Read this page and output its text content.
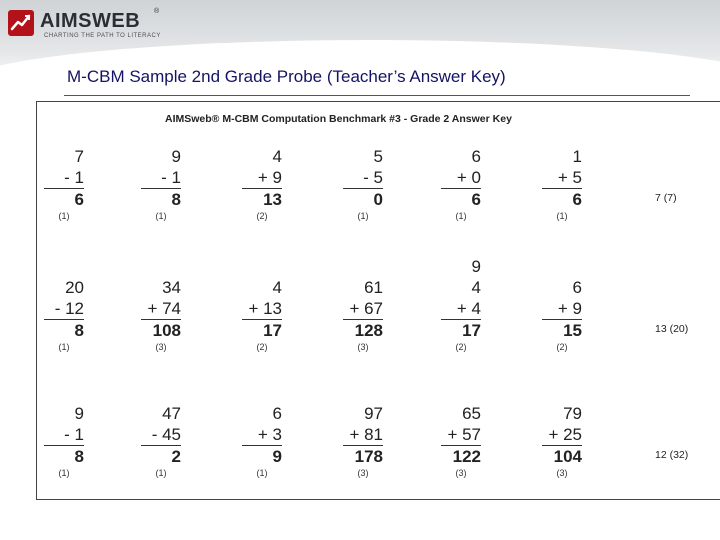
AIMSWEB ®
CHARTING THE PATH TO LITERACY
M-CBM Sample 2nd Grade Probe (Teacher’s Answer Key)
AIMSweb® M-CBM Computation Benchmark #3 - Grade 2 Answer Key
7
- 1
6
(1)
9
- 1
8
(1)
4
+ 9
13
(2)
5
- 5
0
(1)
6
+ 0
6
(1)
1
+ 5
6
(1)
7 (7)
20
- 12
8
(1)
34
+ 74
108
(3)
4
+ 13
17
(2)
61
+ 67
128
(3)
9
4
+ 4
17
(2)
6
+ 9
15
(2)
13 (20)
9
- 1
8
(1)
47
- 45
2
(1)
6
+ 3
9
(1)
97
+ 81
178
(3)
65
+ 57
122
(3)
79
+ 25
104
(3)
12 (32)
